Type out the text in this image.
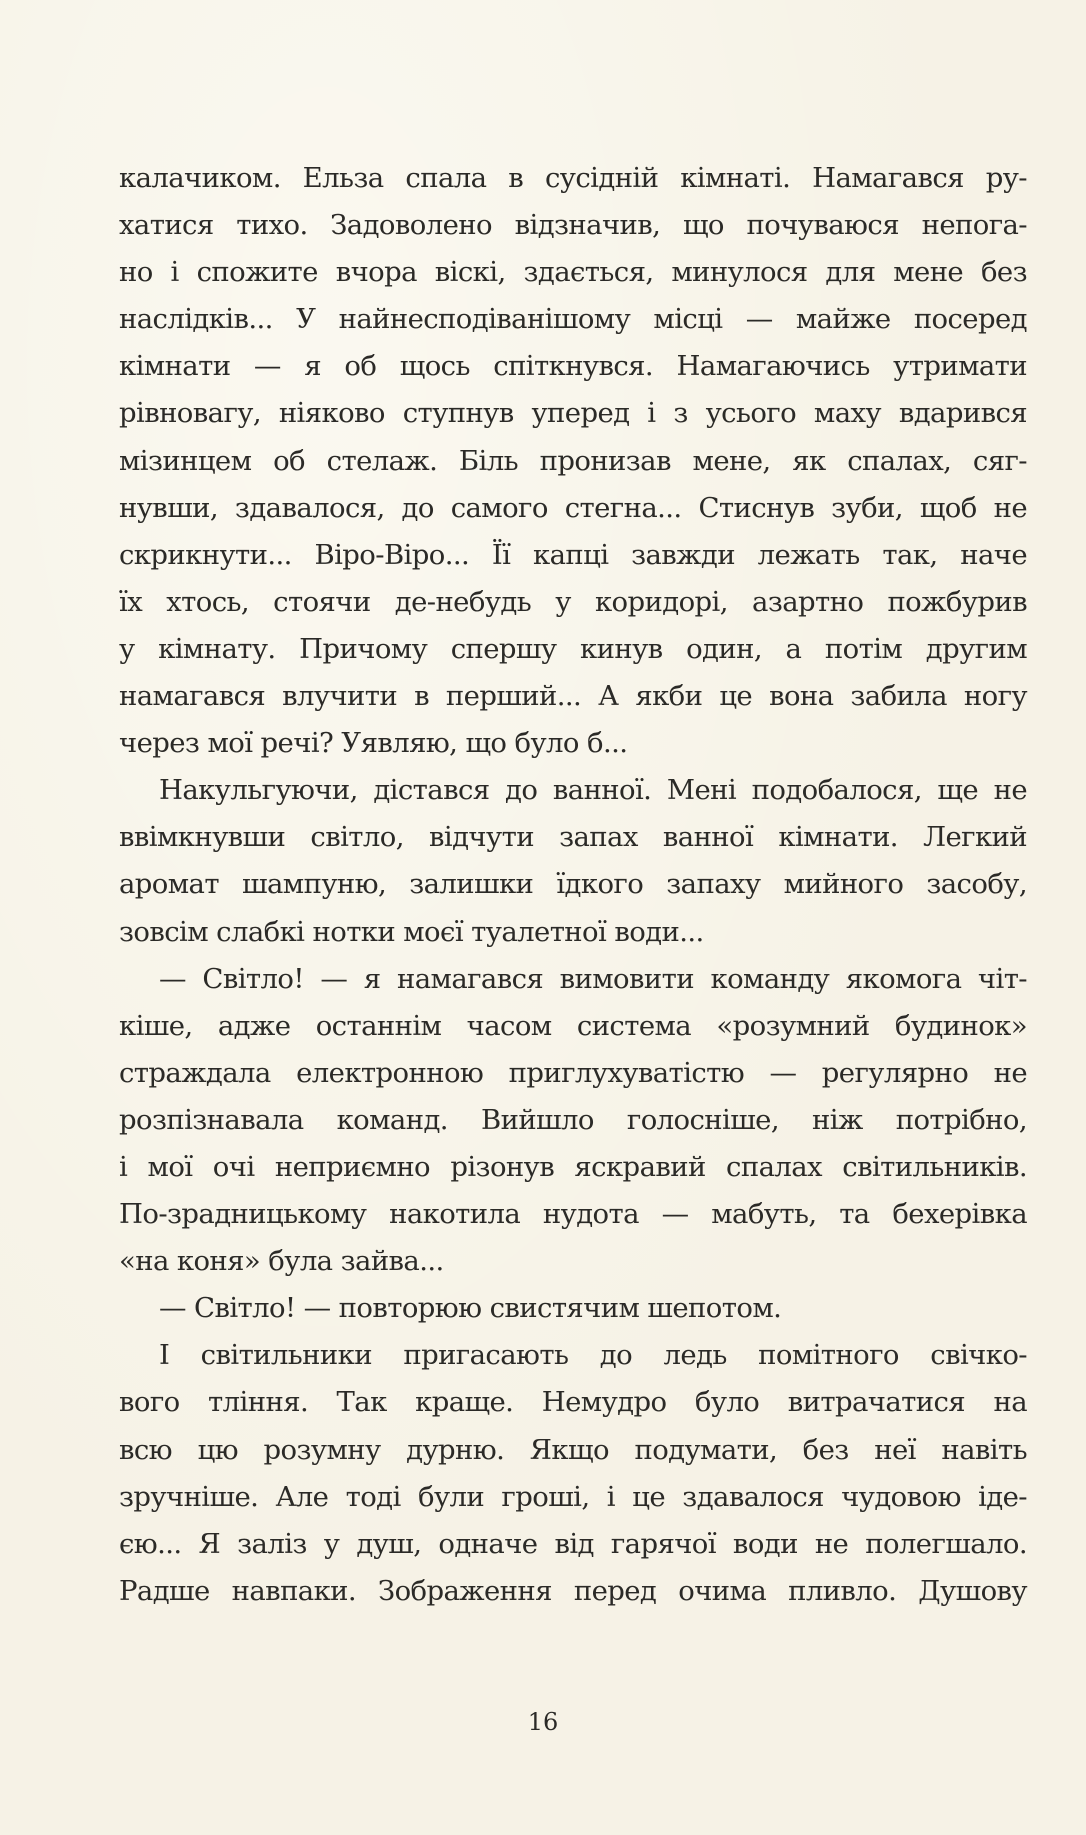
калачиком. Ельза спала в сусідній кімнаті. Намагався ру-
хатися тихо. Задоволено відзначив, що почуваюся непога-
но і спожите вчора віскі, здається, минулося для мене без
наслідків... У найнесподіванішому місці — майже посеред
кімнати — я об щось спіткнувся. Намагаючись утримати
рівновагу, ніяково ступнув уперед і з усього маху вдарився
мізинцем об стелаж. Біль пронизав мене, як спалах, сяг-
нувши, здавалося, до самого стегна... Стиснув зуби, щоб не
скрикнути... Віро-Віро... Її капці завжди лежать так, наче
їх хтось, стоячи де-небудь у коридорі, азартно пожбурив
у кімнату. Причому спершу кинув один, а потім другим
намагався влучити в перший... А якби це вона забила ногу
через мої речі? Уявляю, що було б...
Накульгуючи, дістався до ванної. Мені подобалося, ще не
ввімкнувши світло, відчути запах ванної кімнати. Легкий
аромат шампуню, залишки їдкого запаху мийного засобу,
зовсім слабкі нотки моєї туалетної води...
— Світло! — я намагався вимовити команду якомога чіт-
кіше, адже останнім часом система «розумний будинок»
страждала електронною приглухуватістю — регулярно не
розпізнавала команд. Вийшло голосніше, ніж потрібно,
і мої очі неприємно різонув яскравий спалах світильників.
По-зрадницькому накотила нудота — мабуть, та бехерівка
«на коня» була зайва...
— Світло! — повторюю свистячим шепотом.
І світильники пригасають до ледь помітного свічко-
вого тління. Так краще. Немудро було витрачатися на
всю цю розумну дурню. Якщо подумати, без неї навіть
зручніше. Але тоді були гроші, і це здавалося чудовою іде-
єю... Я заліз у душ, одначе від гарячої води не полегшало.
Радше навпаки. Зображення перед очима пливло. Душову
16
